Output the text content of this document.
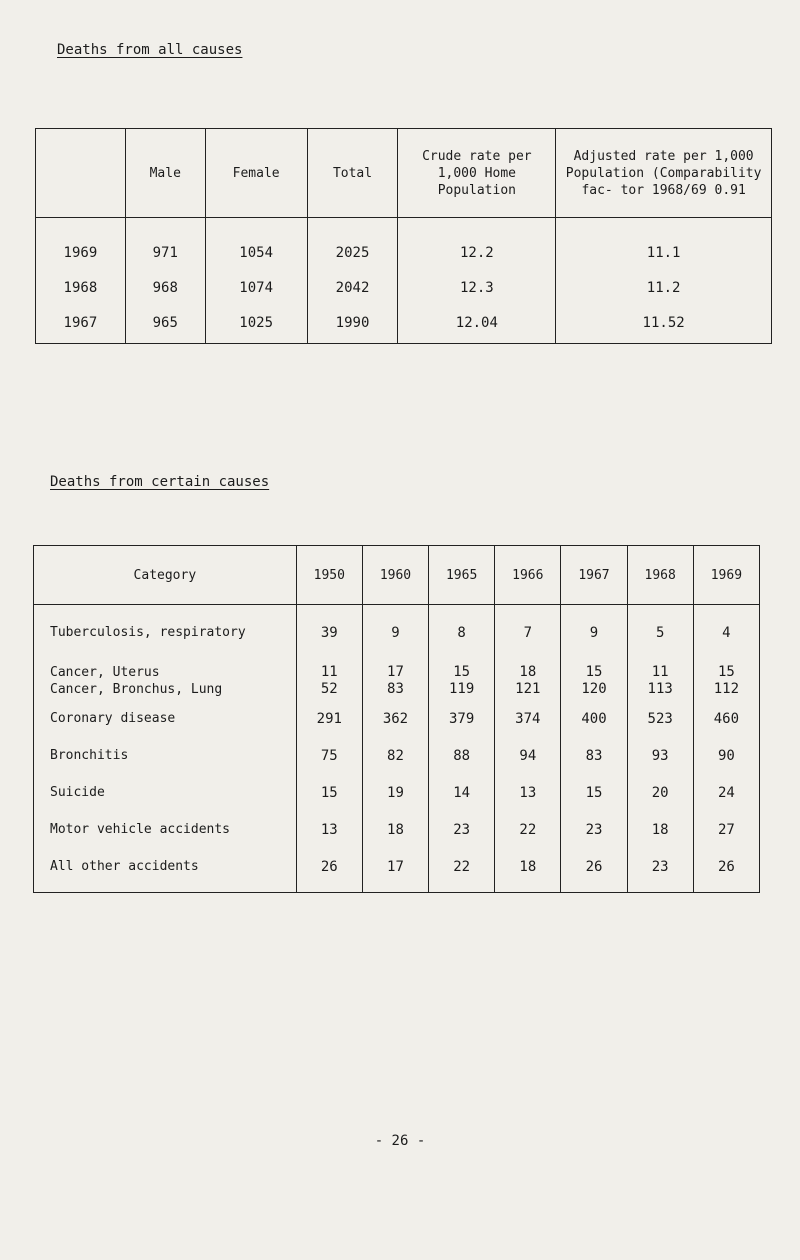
Deaths from all causes
	Male	Female	Total	Crude rate per 1,000 Home Population	Adjusted rate per 1,000 Population (Comparability fac- tor 1968/69 0.91
1969	971	1054	2025	12.2	11.1
1968	968	1074	2042	12.3	11.2
1967	965	1025	1990	12.04	11.52
Deaths from certain causes
Category	1950	1960	1965	1966	1967	1968	1969
Tuberculosis, respiratory	39	9	8	7	9	5	4
Cancer, Uterus	11	17	15	18	15	11	15
Cancer, Bronchus, Lung	52	83	119	121	120	113	112
Coronary disease	291	362	379	374	400	523	460
Bronchitis	75	82	88	94	83	93	90
Suicide	15	19	14	13	15	20	24
Motor vehicle accidents	13	18	23	22	23	18	27
All other accidents	26	17	22	18	26	23	26
- 26 -
